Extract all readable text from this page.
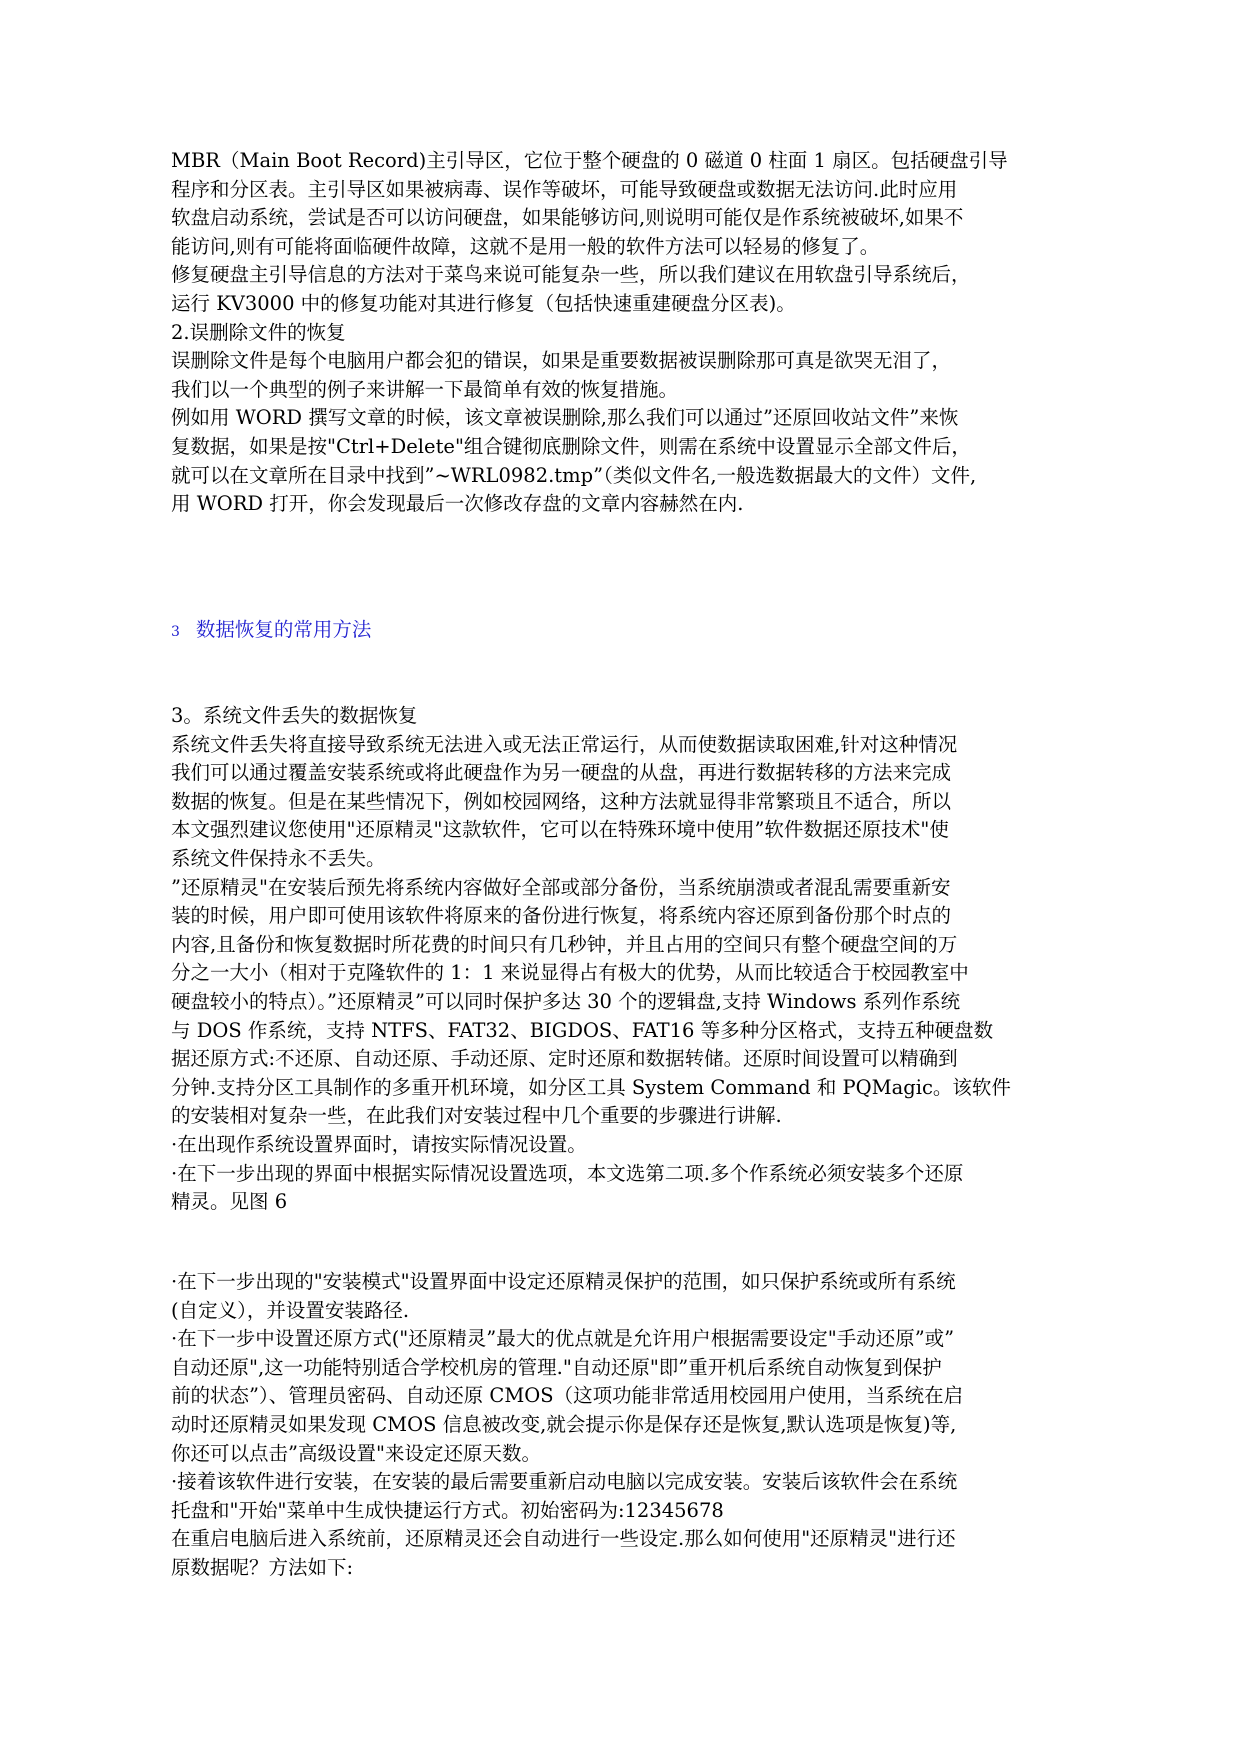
MBR（Main Boot Record)主引导区，它位于整个硬盘的 0 磁道 0 柱面 1 扇区。包括硬盘引导
程序和分区表。主引导区如果被病毒、误作等破坏，可能导致硬盘或数据无法访问.此时应用
软盘启动系统，尝试是否可以访问硬盘，如果能够访问,则说明可能仅是作系统被破坏,如果不
能访问,则有可能将面临硬件故障，这就不是用一般的软件方法可以轻易的修复了。
修复硬盘主引导信息的方法对于菜鸟来说可能复杂一些，所以我们建议在用软盘引导系统后，
运行 KV3000 中的修复功能对其进行修复（包括快速重建硬盘分区表)。
2.误删除文件的恢复
误删除文件是每个电脑用户都会犯的错误，如果是重要数据被误删除那可真是欲哭无泪了，
我们以一个典型的例子来讲解一下最简单有效的恢复措施。
例如用 WORD 撰写文章的时候，该文章被误删除,那么我们可以通过”还原回收站文件”来恢
复数据，如果是按"Ctrl+Delete"组合键彻底删除文件，则需在系统中设置显示全部文件后，
就可以在文章所在目录中找到”~WRL0982.tmp”（类似文件名,一般选数据最大的文件）文件,
用 WORD 打开，你会发现最后一次修改存盘的文章内容赫然在内.
3 数据恢复的常用方法
3。系统文件丢失的数据恢复
系统文件丢失将直接导致系统无法进入或无法正常运行，从而使数据读取困难,针对这种情况
我们可以通过覆盖安装系统或将此硬盘作为另一硬盘的从盘，再进行数据转移的方法来完成
数据的恢复。但是在某些情况下，例如校园网络，这种方法就显得非常繁琐且不适合，所以
本文强烈建议您使用"还原精灵"这款软件，它可以在特殊环境中使用”软件数据还原技术"使
系统文件保持永不丢失。
”还原精灵"在安装后预先将系统内容做好全部或部分备份，当系统崩溃或者混乱需要重新安
装的时候，用户即可使用该软件将原来的备份进行恢复，将系统内容还原到备份那个时点的
内容,且备份和恢复数据时所花费的时间只有几秒钟，并且占用的空间只有整个硬盘空间的万
分之一大小（相对于克隆软件的 1：1 来说显得占有极大的优势，从而比较适合于校园教室中
硬盘较小的特点）。”还原精灵”可以同时保护多达 30 个的逻辑盘,支持 Windows 系列作系统
与 DOS 作系统，支持 NTFS、FAT32、BIGDOS、FAT16 等多种分区格式，支持五种硬盘数
据还原方式:不还原、自动还原、手动还原、定时还原和数据转储。还原时间设置可以精确到
分钟.支持分区工具制作的多重开机环境，如分区工具 System Command 和 PQMagic。该软件
的安装相对复杂一些，在此我们对安装过程中几个重要的步骤进行讲解.
·在出现作系统设置界面时，请按实际情况设置。
·在下一步出现的界面中根据实际情况设置选项，本文选第二项.多个作系统必须安装多个还原
精灵。见图 6
·在下一步出现的"安装模式"设置界面中设定还原精灵保护的范围，如只保护系统或所有系统
(自定义），并设置安装路径.
·在下一步中设置还原方式("还原精灵”最大的优点就是允许用户根据需要设定"手动还原”或”
自动还原",这一功能特别适合学校机房的管理."自动还原"即”重开机后系统自动恢复到保护
前的状态”）、管理员密码、自动还原 CMOS（这项功能非常适用校园用户使用，当系统在启
动时还原精灵如果发现 CMOS 信息被改变,就会提示你是保存还是恢复,默认选项是恢复)等,
你还可以点击”高级设置"来设定还原天数。
·接着该软件进行安装，在安装的最后需要重新启动电脑以完成安装。安装后该软件会在系统
托盘和"开始"菜单中生成快捷运行方式。初始密码为:12345678
在重启电脑后进入系统前，还原精灵还会自动进行一些设定.那么如何使用"还原精灵"进行还
原数据呢？方法如下:
